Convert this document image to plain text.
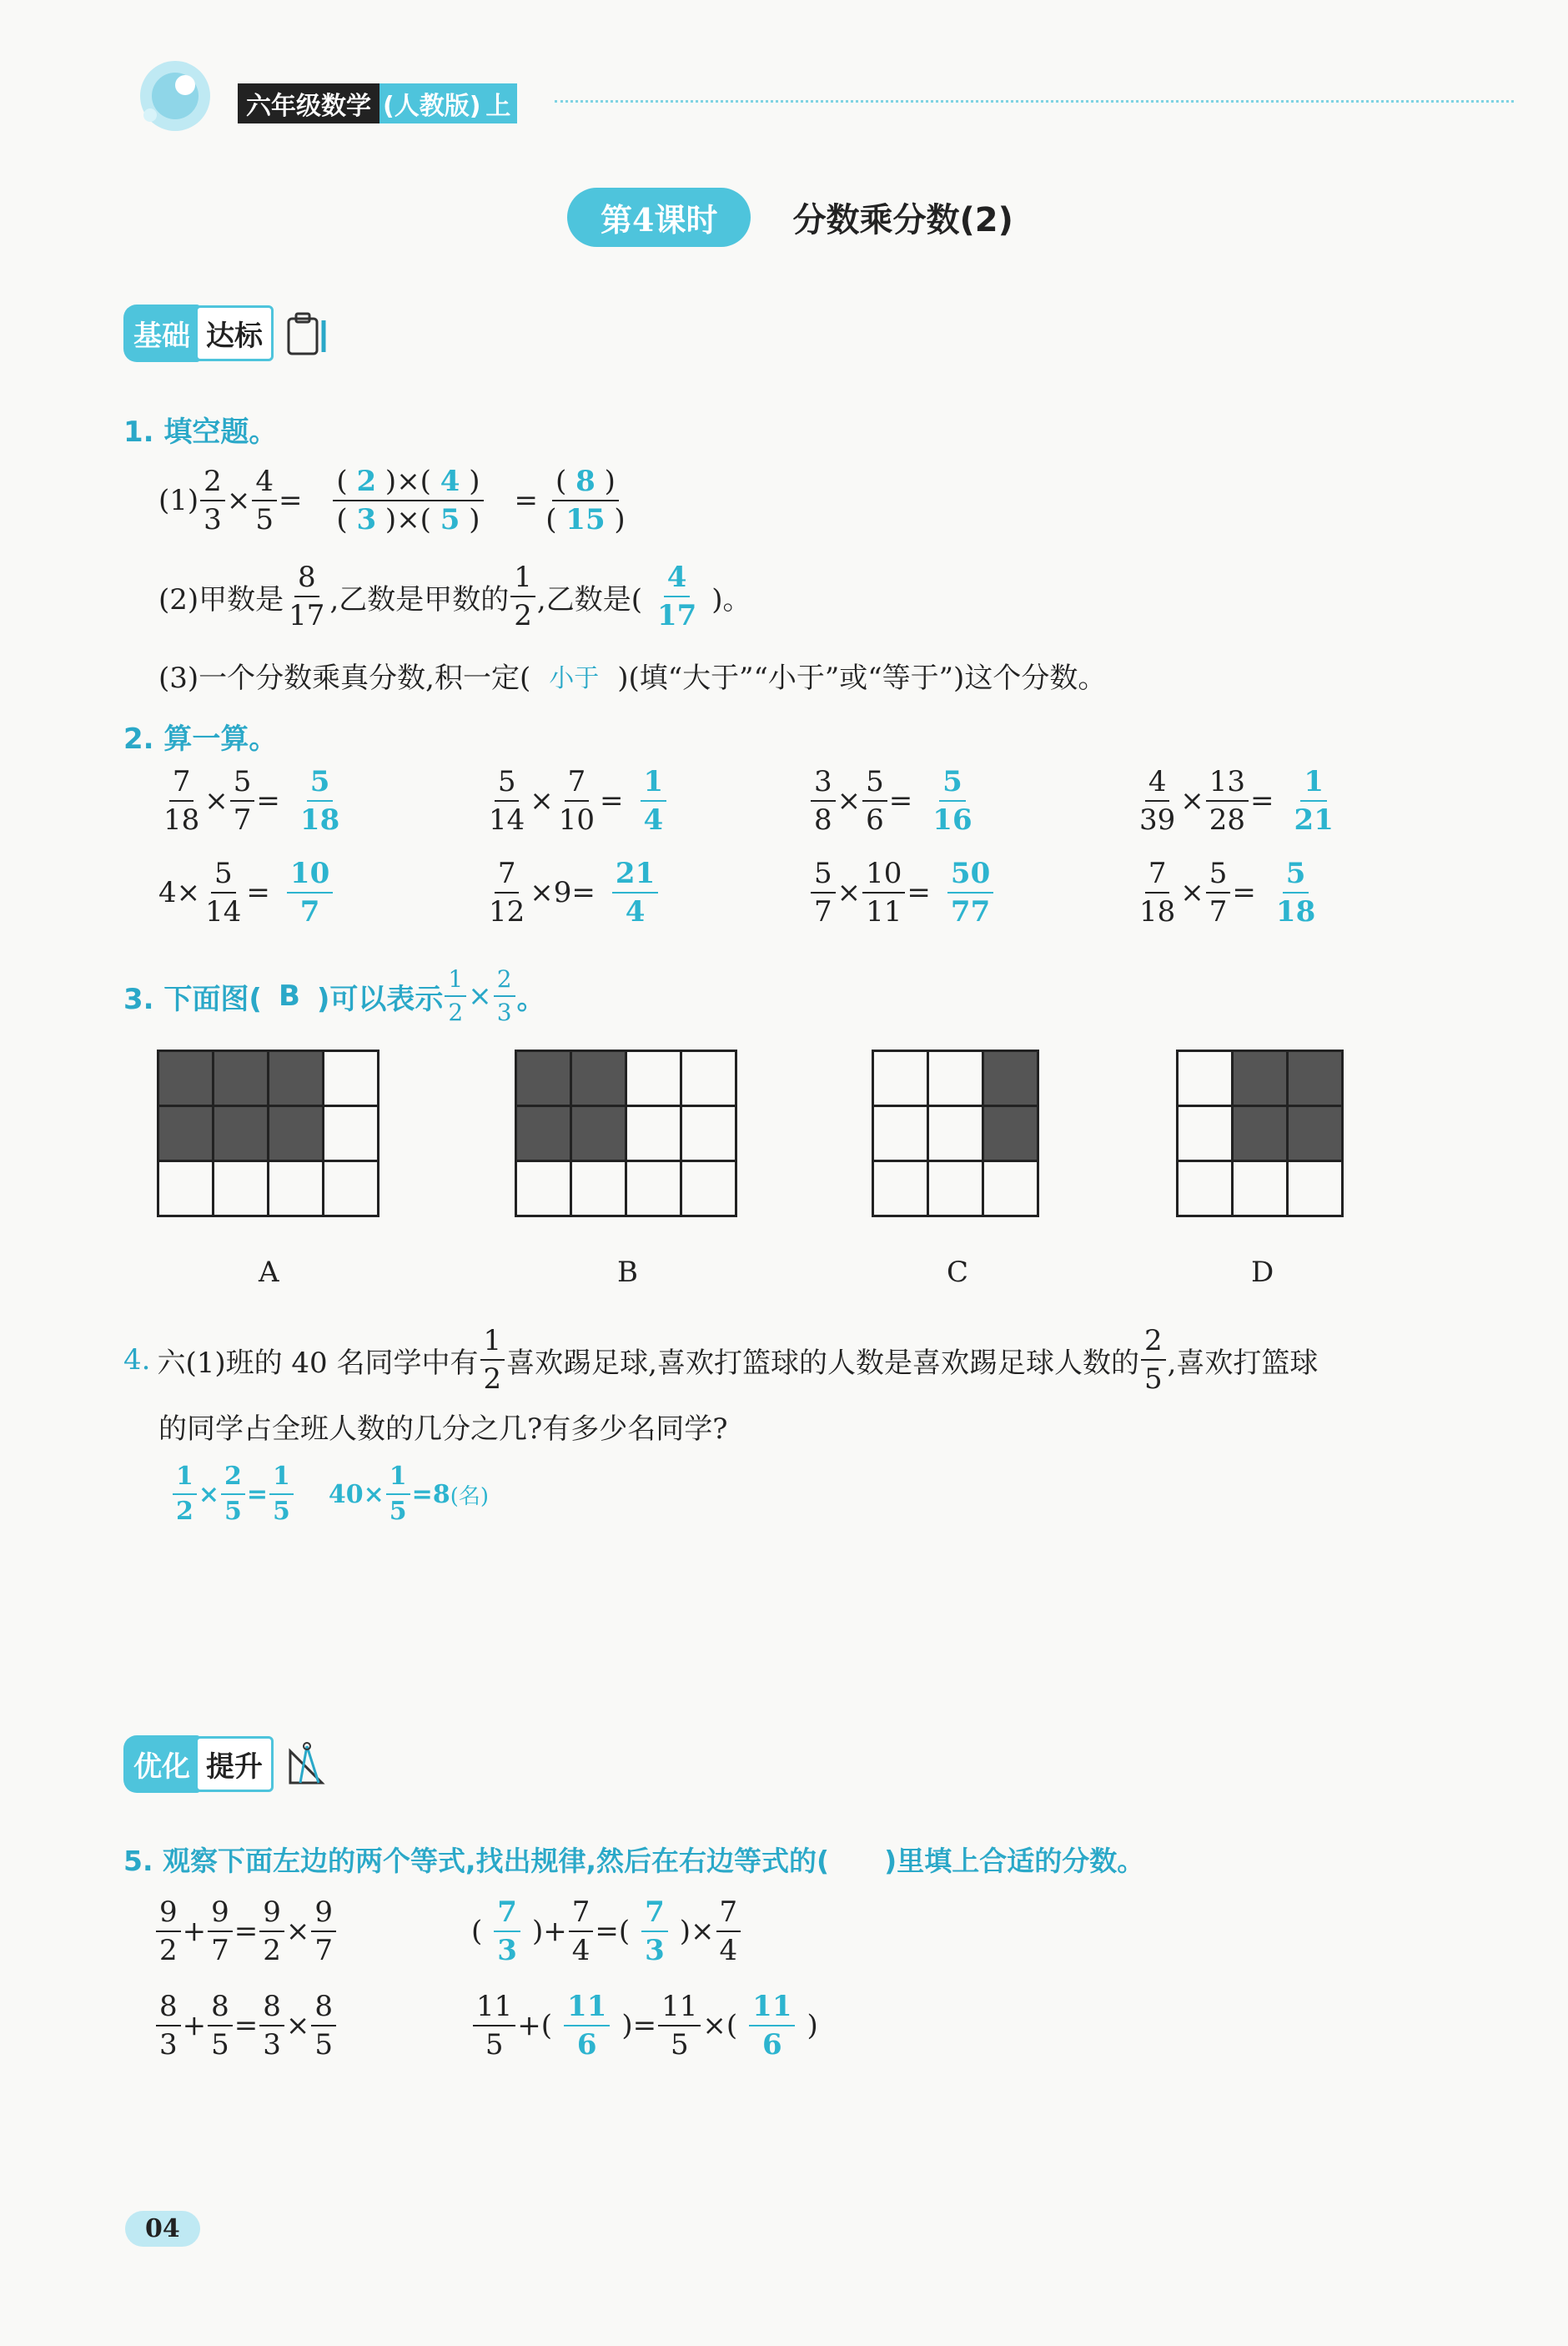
六年级数学 (人教版) 上
第4课时	分数乘分数(2)
基础 达标
1. 填空题。
$(1) \frac{2}{3} \times \frac{4}{5}$ =
( 2 )×( 4 )
( 3 )×( 5 )
=
( 8 )
( 15 )
(2)甲数是 $\frac{8}{17}$ ,乙数是甲数的 $\frac{1}{2}$ ,乙数是(
4
17 )。
(3)一个分数乘真分数,积一定( 小于 )(填“大于”“小于”或“等于”)这个分数。
2. 算一算。
$\frac{7}{18} \times \frac{5}{7}$ =
5
18	$\frac{5}{14} \times \frac{7}{10}$ =
1
4	$\frac{3}{8} \times \frac{5}{6}$ =
5
16	$\frac{4}{39} \times \frac{13}{28}$ =
1
21
$4 \times \frac{5}{14}$ =
10
7	$\frac{7}{12} \times 9$ =
21
4	$\frac{5}{7} \times \frac{10}{11}$ =
50
77	$\frac{7}{18} \times \frac{5}{7}$ =
5
18
3. 下面图( B )可以表示 $\frac{1}{2} \times \frac{2}{3}$ 。
A	B	C	D
4. 六(1)班的 40 名同学中有 $\frac{1}{2}$ 喜欢踢足球,喜欢打篮球的人数是喜欢踢足球人数的 $\frac{2}{5}$ ,喜欢打篮球
的同学占全班人数的几分之几?有多少名同学?
$\frac{1}{2} \times \frac{2}{5} = \frac{1}{5} 40 \times \frac{1}{5} = 8$ (名)
优化 提升
5. 观察下面左边的两个等式,找出规律,然后在右边等式的(　　)里填上合适的分数。
$\frac{9}{2} + \frac{9}{7} = \frac{9}{2} \times \frac{9}{7}$	(
7
3
)+ $\frac{7}{4}$ =(
7
3
)× $\frac{7}{4}$
$\frac{8}{3} + \frac{8}{5} = \frac{8}{3} \times \frac{8}{5}$	$\frac{11}{5}$ +(
11
6
)= $\frac{11}{5}$ ×(
11
6
)
04
